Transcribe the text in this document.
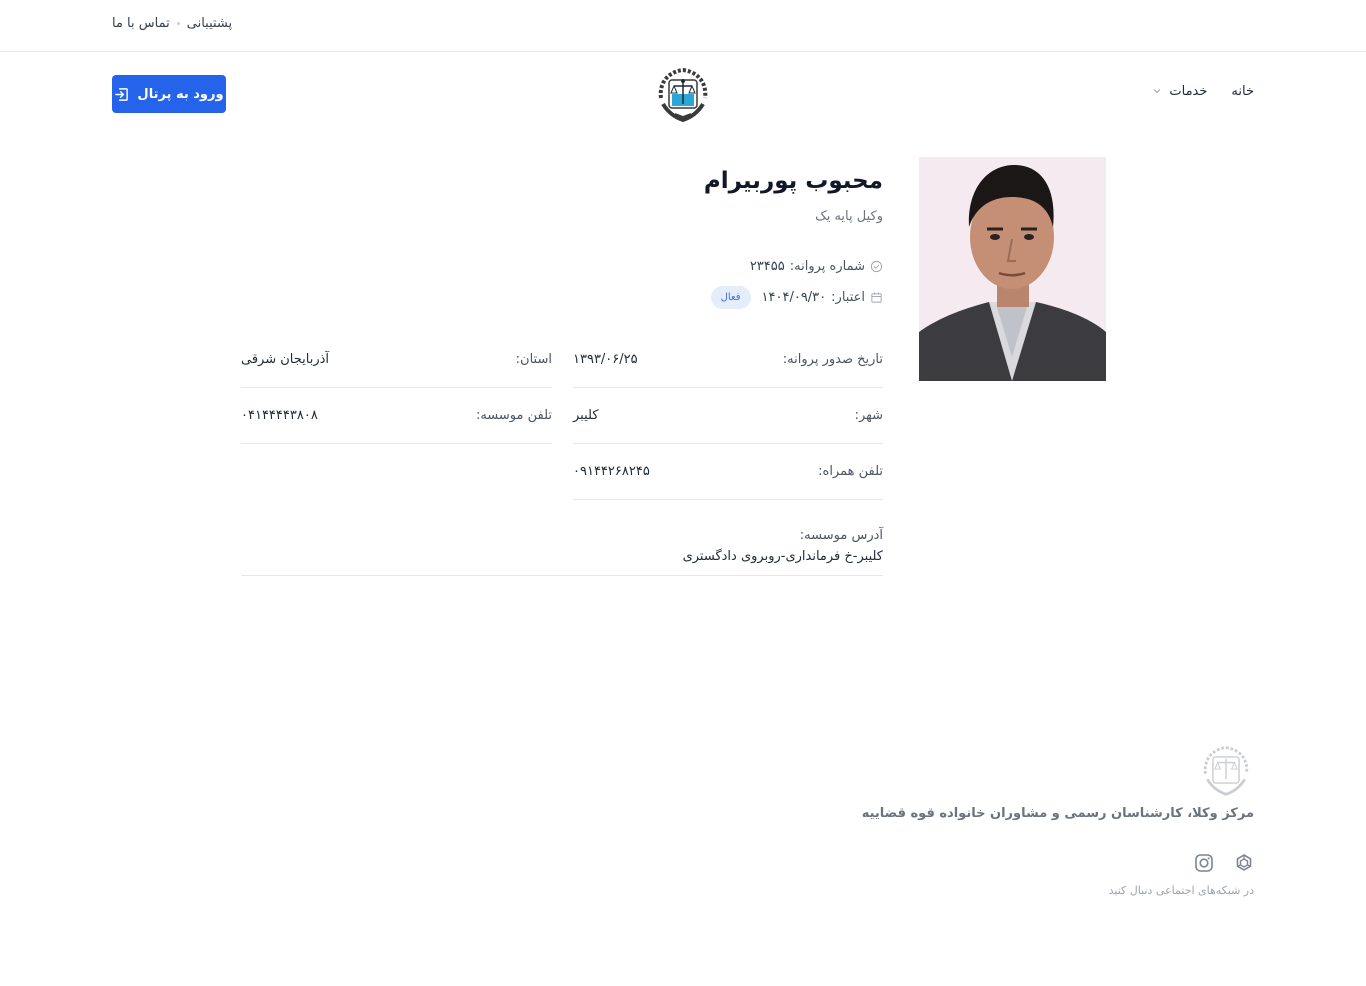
پشتیبانی
تماس با ما
خانه
خدمات
ورود به پرتال
محبوب پوربیرام
وکیل پایه یک
شماره پروانه:
۲۳۴۵۵
اعتبار:
۱۴۰۴/۰۹/۳۰
فعال
تاریخ صدور پروانه:
۱۳۹۳/۰۶/۲۵
استان:
آذربایجان شرقی
شهر:
کلیبر
تلفن موسسه:
۰۴۱۴۴۴۴۳۸۰۸
تلفن همراه:
۰۹۱۴۴۲۶۸۲۴۵
آدرس موسسه:
کلیبر-خ فرمانداری-روبروی دادگستری
مرکز وکلا، کارشناسان رسمی و مشاوران خانواده قوه قضاییه
در شبکه‌های اجتماعی دنبال کنید
